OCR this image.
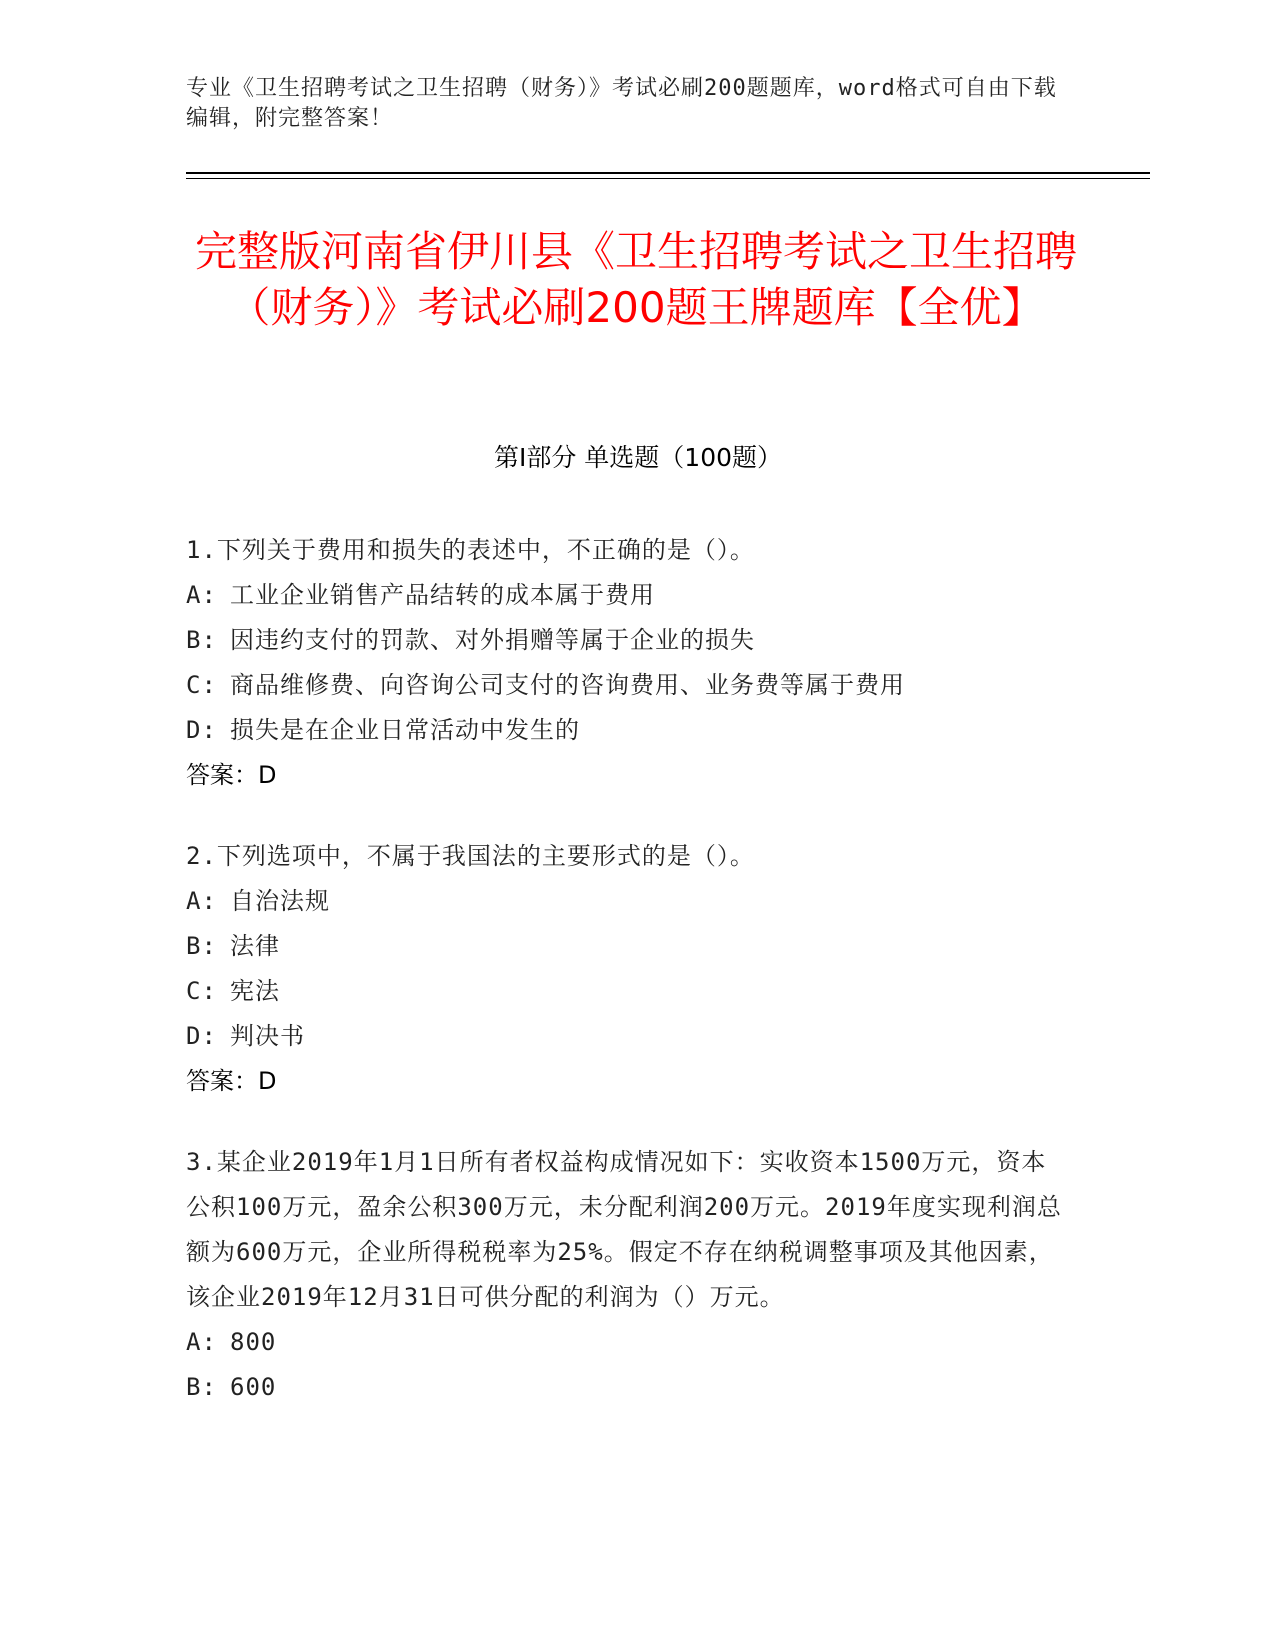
专业《卫生招聘考试之卫生招聘（财务）》考试必刷200题题库，word格式可自由下载编辑，附完整答案！
完整版河南省伊川县《卫生招聘考试之卫生招聘（财务）》考试必刷200题王牌题库【全优】
第I部分 单选题（100题）
1.下列关于费用和损失的表述中，不正确的是（）。
A: 工业企业销售产品结转的成本属于费用
B: 因违约支付的罚款、对外捐赠等属于企业的损失
C: 商品维修费、向咨询公司支付的咨询费用、业务费等属于费用
D: 损失是在企业日常活动中发生的
答案：D
2.下列选项中，不属于我国法的主要形式的是（）。
A: 自治法规
B: 法律
C: 宪法
D: 判决书
答案：D
3.某企业2019年1月1日所有者权益构成情况如下：实收资本1500万元，资本公积100万元，盈余公积300万元，未分配利润200万元。2019年度实现利润总额为600万元，企业所得税税率为25%。假定不存在纳税调整事项及其他因素，该企业2019年12月31日可供分配的利润为（）万元。
A: 800
B: 600
